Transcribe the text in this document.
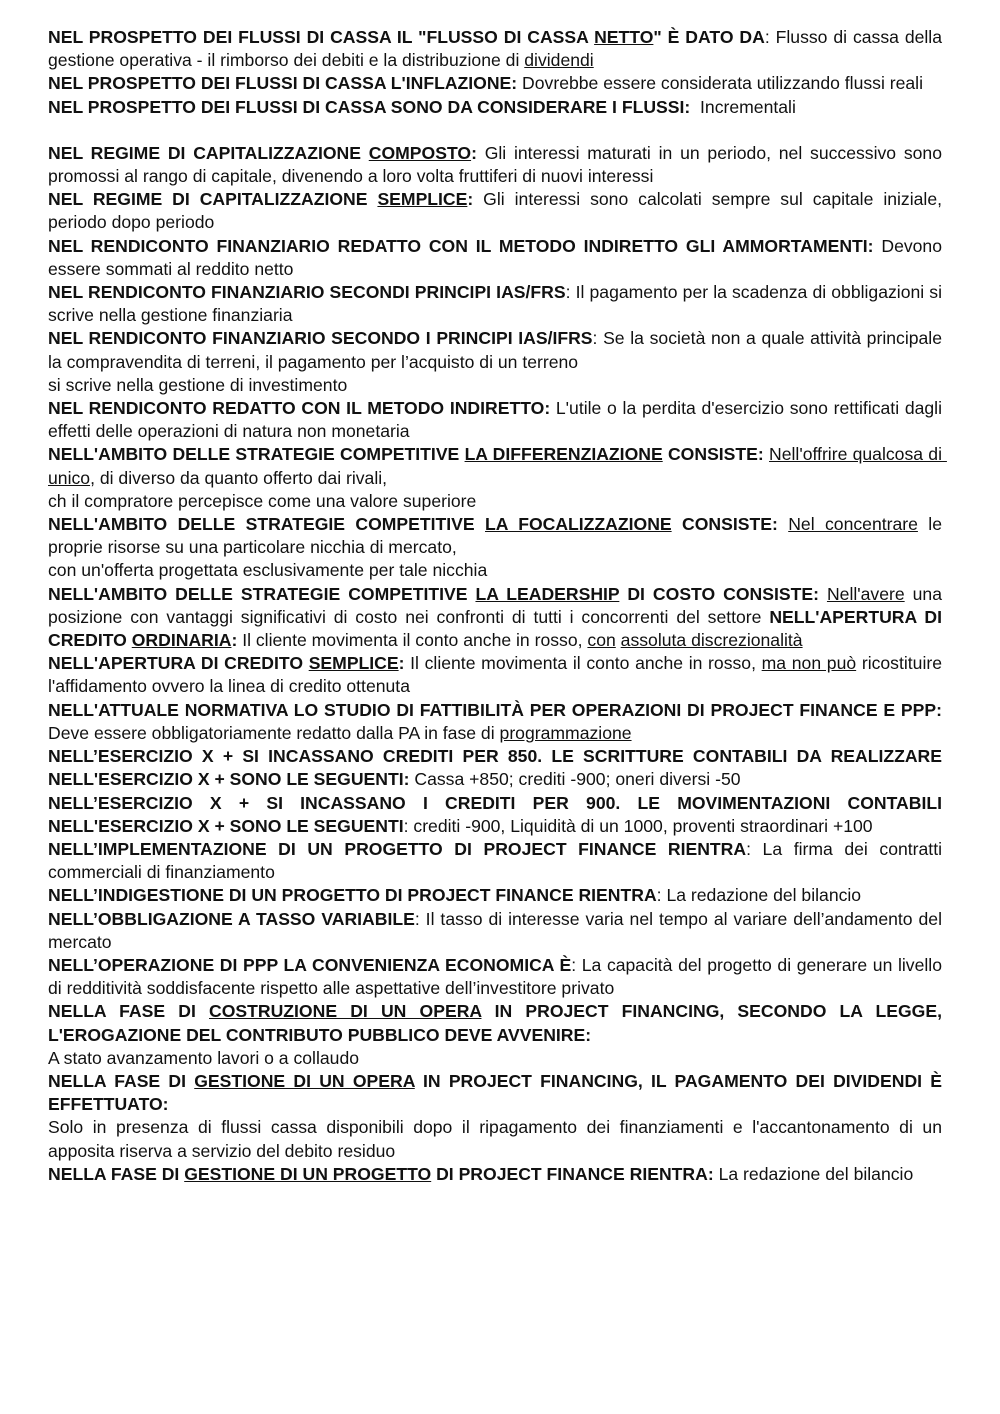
NEL PROSPETTO DEI FLUSSI DI CASSA IL "FLUSSO DI CASSA NETTO" È DATO DA: Flusso di cassa della gestione operativa - il rimborso dei debiti e la distribuzione di dividendi

NEL PROSPETTO DEI FLUSSI DI CASSA L'INFLAZIONE: Dovrebbe essere considerata utilizzando flussi reali

NEL PROSPETTO DEI FLUSSI DI CASSA SONO DA CONSIDERARE I FLUSSI:  Incrementali

NEL REGIME DI CAPITALIZZAZIONE COMPOSTO: Gli interessi maturati in un periodo, nel successivo sono promossi al rango di capitale, divenendo a loro volta fruttiferi di nuovi interessi

NEL REGIME DI CAPITALIZZAZIONE SEMPLICE: Gli interessi sono calcolati sempre sul capitale iniziale, periodo dopo periodo

NEL RENDICONTO FINANZIARIO REDATTO CON IL METODO INDIRETTO GLI AMMORTAMENTI: Devono essere sommati al reddito netto

NEL RENDICONTO FINANZIARIO SECONDI PRINCIPI IAS/FRS: Il pagamento per la scadenza di obbligazioni si scrive nella gestione finanziaria

NEL RENDICONTO FINANZIARIO SECONDO I PRINCIPI IAS/IFRS: Se la società non a quale attività principale la compravendita di terreni, il pagamento per l’acquisto di un terreno
si scrive nella gestione di investimento

NEL RENDICONTO REDATTO CON IL METODO INDIRETTO: L'utile o la perdita d'esercizio sono rettificati dagli effetti delle operazioni di natura non monetaria

NELL'AMBITO DELLE STRATEGIE COMPETITIVE LA DIFFERENZIAZIONE CONSISTE: Nell'offrire qualcosa di unico, di diverso da quanto offerto dai rivali,
ch il compratore percepisce come una valore superiore

NELL'AMBITO DELLE STRATEGIE COMPETITIVE LA FOCALIZZAZIONE CONSISTE: Nel concentrare le proprie risorse su una particolare nicchia di mercato,
con un'offerta progettata esclusivamente per tale nicchia

NELL'AMBITO DELLE STRATEGIE COMPETITIVE LA LEADERSHIP DI COSTO CONSISTE: Nell'avere una posizione con vantaggi significativi di costo nei confronti di tutti i concorrenti del settore NELL'APERTURA DI CREDITO ORDINARIA: Il cliente movimenta il conto anche in rosso, con assoluta discrezionalità

NELL'APERTURA DI CREDITO SEMPLICE: Il cliente movimenta il conto anche in rosso, ma non può ricostituire l'affidamento ovvero la linea di credito ottenuta

NELL'ATTUALE NORMATIVA LO STUDIO DI FATTIBILITÀ PER OPERAZIONI DI PROJECT FINANCE E PPP: Deve essere obbligatoriamente redatto dalla PA in fase di programmazione

NELL’ESERCIZIO X + SI INCASSANO CREDITI PER 850. LE SCRITTURE CONTABILI DA REALIZZARE NELL'ESERCIZIO X + SONO LE SEGUENTI: Cassa +850; crediti -900; oneri diversi -50

NELL’ESERCIZIO X + SI INCASSANO I CREDITI PER 900. LE MOVIMENTAZIONI CONTABILI NELL'ESERCIZIO X + SONO LE SEGUENTI: crediti -900, Liquidità di un 1000, proventi straordinari +100

NELL’IMPLEMENTAZIONE DI UN PROGETTO DI PROJECT FINANCE RIENTRA: La firma dei contratti commerciali di finanziamento

NELL’INDIGESTIONE DI UN PROGETTO DI PROJECT FINANCE RIENTRA: La redazione del bilancio

NELL’OBBLIGAZIONE A TASSO VARIABILE: Il tasso di interesse varia nel tempo al variare dell’andamento del mercato

NELL’OPERAZIONE DI PPP LA CONVENIENZA ECONOMICA È: La capacità del progetto di generare un livello di redditività soddisfacente rispetto alle aspettative dell’investitore privato

NELLA FASE DI COSTRUZIONE DI UN OPERA IN PROJECT FINANCING, SECONDO LA LEGGE, L'EROGAZIONE DEL CONTRIBUTO PUBBLICO DEVE AVVENIRE:
A stato avanzamento lavori o a collaudo

NELLA FASE DI GESTIONE DI UN OPERA IN PROJECT FINANCING, IL PAGAMENTO DEI DIVIDENDI È EFFETTUATO:
Solo in presenza di flussi cassa disponibili dopo il ripagamento dei finanziamenti e l'accantonamento di un apposita riserva a servizio del debito residuo

NELLA FASE DI GESTIONE DI UN PROGETTO DI PROJECT FINANCE RIENTRA: La redazione del bilancio
